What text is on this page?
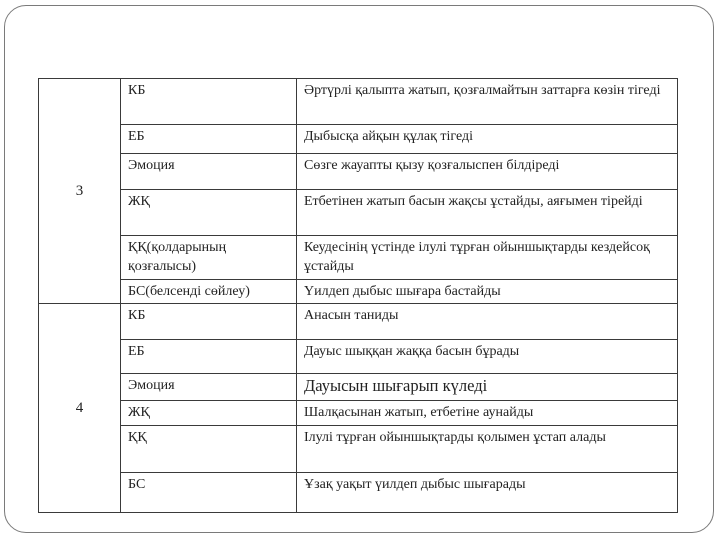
3	КБ	Әртүрлі қалыпта жатып, қозғалмайтын заттарға көзін тігеді
	ЕБ	Дыбысқа айқын құлақ тігеді
	Эмоция	Сөзге жауапты қызу қозғалыспен білдіреді
	ЖҚ	Етбетінен жатып басын жақсы ұстайды, аяғымен тірейді
	ҚҚ(қолдарының қозғалысы)	Кеудесінің үстінде ілулі тұрған ойыншықтарды кездейсоқ ұстайды
	БС(белсенді сөйлеу)	Үилдеп дыбыс шығара бастайды
4	КБ	Анасын таниды
	ЕБ	Дауыс шыққан жаққа басын бұрады
	Эмоция	Дауысын шығарып күледі
	ЖҚ	Шалқасынан жатып, етбетіне аунайды
	ҚҚ	Ілулі тұрған ойыншықтарды қолымен ұстап алады
	БС	Ұзақ уақыт үилдеп дыбыс шығарады
